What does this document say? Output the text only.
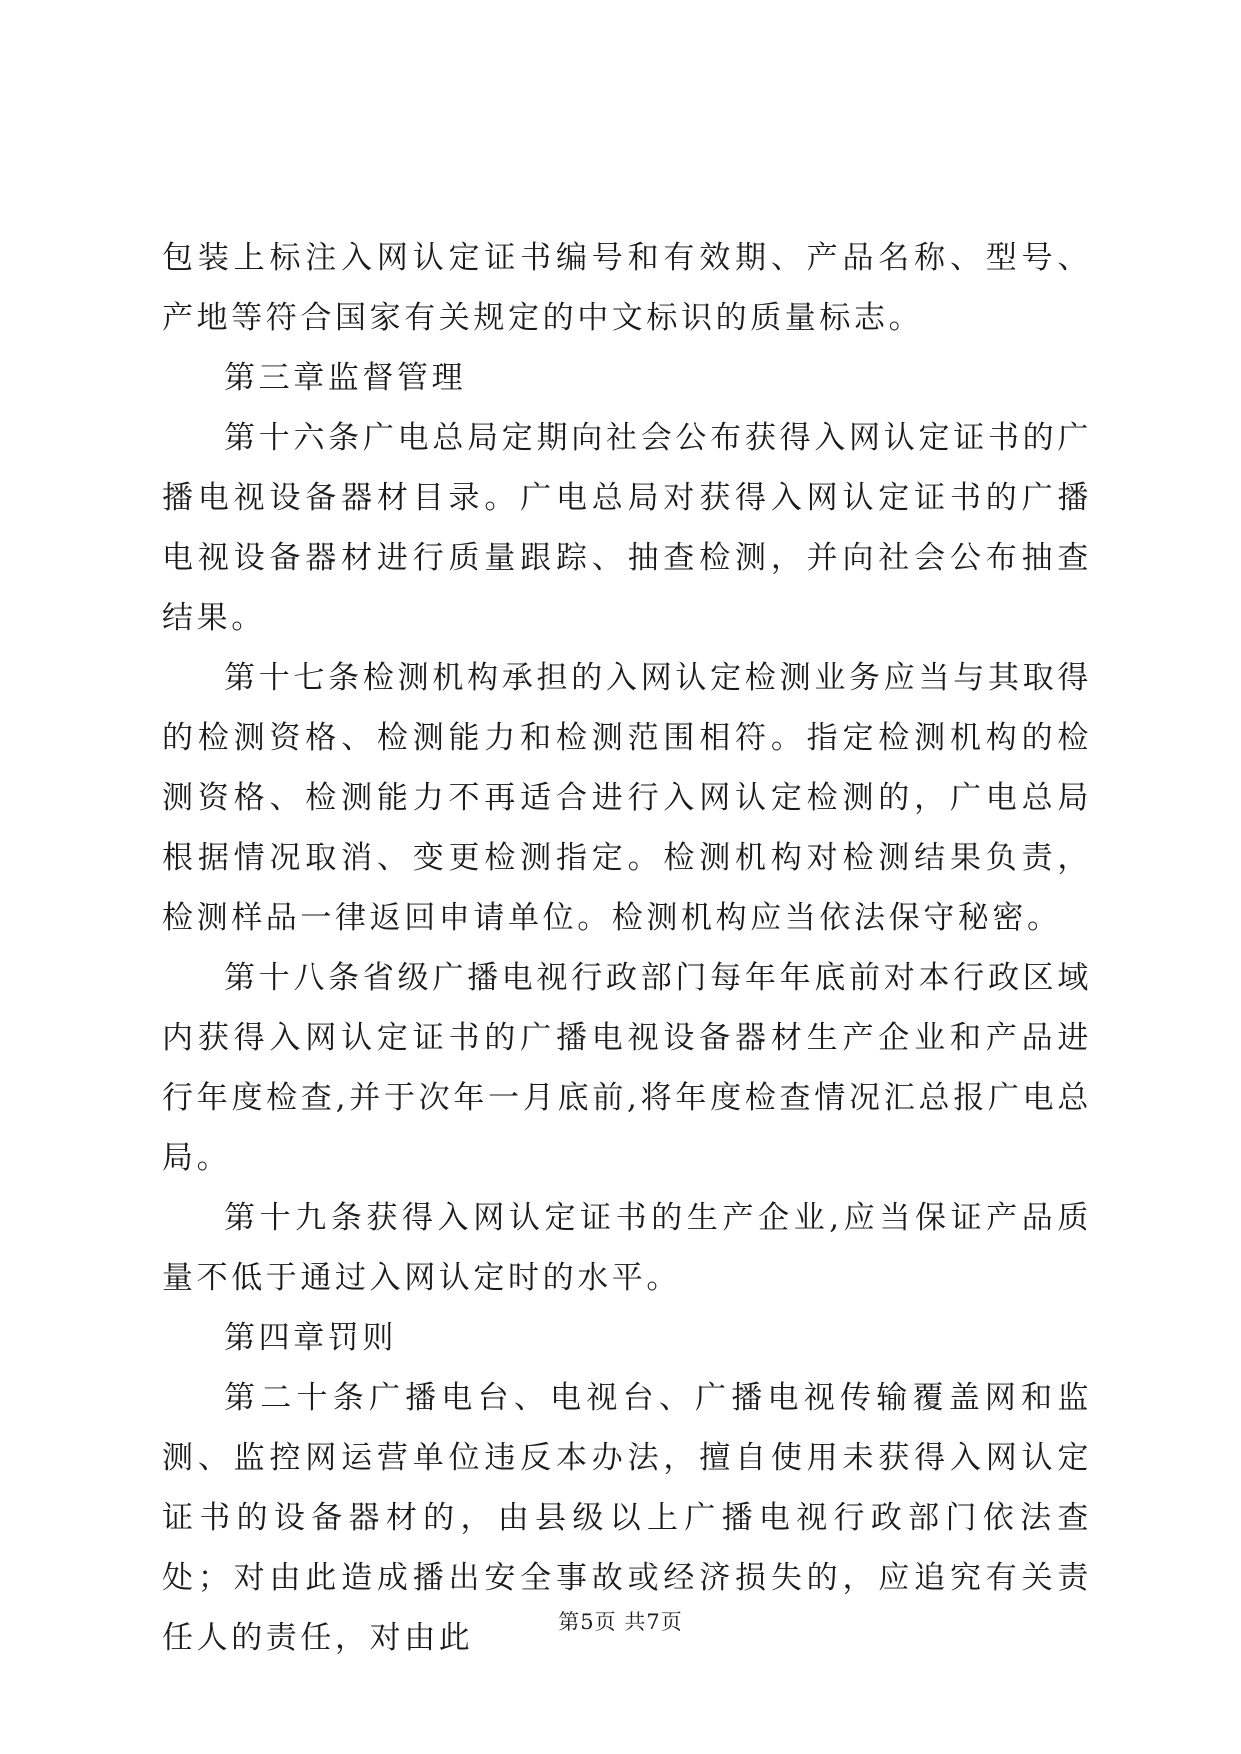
包装上标注入网认定证书编号和有效期、产品名称、型号、产地等符合国家有关规定的中文标识的质量标志。

第三章监督管理

第十六条广电总局定期向社会公布获得入网认定证书的广播电视设备器材目录。广电总局对获得入网认定证书的广播电视设备器材进行质量跟踪、抽查检测，并向社会公布抽查结果。

第十七条检测机构承担的入网认定检测业务应当与其取得的检测资格、检测能力和检测范围相符。指定检测机构的检测资格、检测能力不再适合进行入网认定检测的，广电总局根据情况取消、变更检测指定。检测机构对检测结果负责，检测样品一律返回申请单位。检测机构应当依法保守秘密。

第十八条省级广播电视行政部门每年年底前对本行政区域内获得入网认定证书的广播电视设备器材生产企业和产品进行年度检查,并于次年一月底前,将年度检查情况汇总报广电总局。

第十九条获得入网认定证书的生产企业,应当保证产品质量不低于通过入网认定时的水平。

第四章罚则

第二十条广播电台、电视台、广播电视传输覆盖网和监测、监控网运营单位违反本办法，擅自使用未获得入网认定证书的设备器材的，由县级以上广播电视行政部门依法查处；对由此造成播出安全事故或经济损失的，应追究有关责任人的责任，对由此	第5页 共7页
